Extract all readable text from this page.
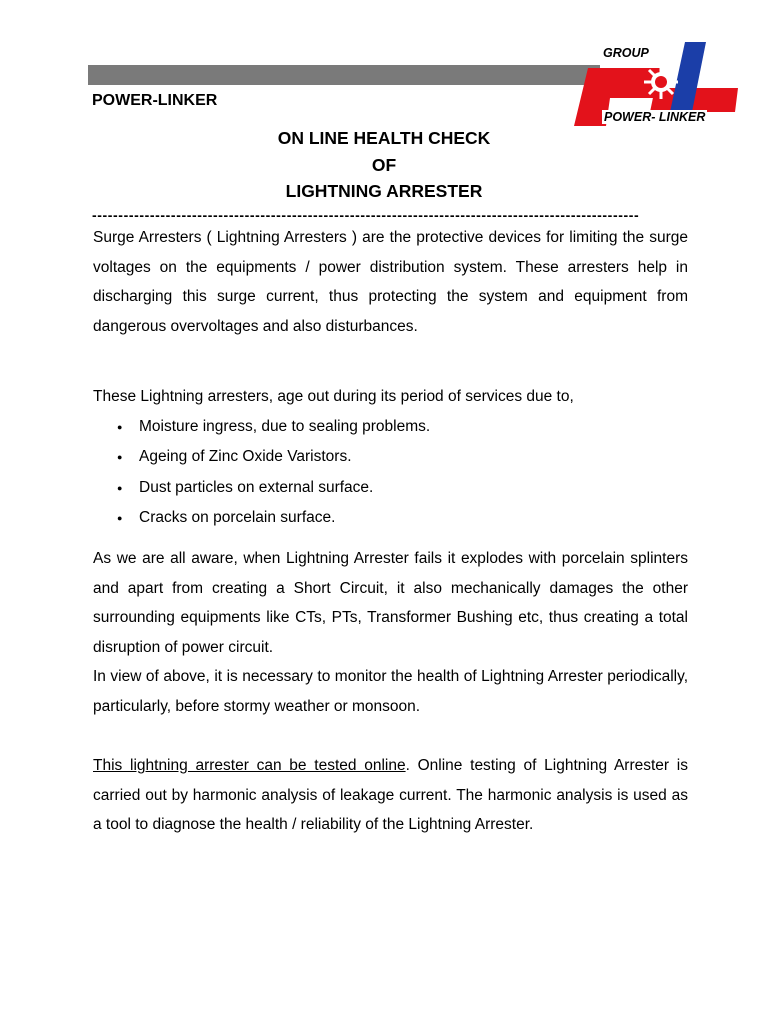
POWER-LINKER
GROUP
POWER- LINKER
ON LINE HEALTH CHECK
OF
LIGHTNING ARRESTER
--------------------------------------------------------------------------------------------------------

Surge Arresters ( Lightning Arresters ) are the protective devices for limiting the surge voltages on the equipments / power distribution system. These arresters help in discharging this surge current, thus protecting the system and equipment from dangerous overvoltages and also disturbances.

These Lightning arresters, age out during its period of services due to,

● Moisture ingress, due to sealing problems.
● Ageing of Zinc Oxide Varistors.
● Dust particles on external surface.
● Cracks on porcelain surface.

As we are all aware, when Lightning Arrester fails it explodes with porcelain splinters and apart from creating a Short Circuit, it also mechanically damages the other surrounding equipments like CTs, PTs, Transformer Bushing etc, thus creating a total disruption of power circuit.

In view of above, it is necessary to monitor the health of Lightning Arrester periodically, particularly, before stormy weather or monsoon.

This lightning arrester can be tested online. Online testing of Lightning Arrester is carried out by harmonic analysis of leakage current. The harmonic analysis is used as a tool to diagnose the health / reliability of the Lightning Arrester.
